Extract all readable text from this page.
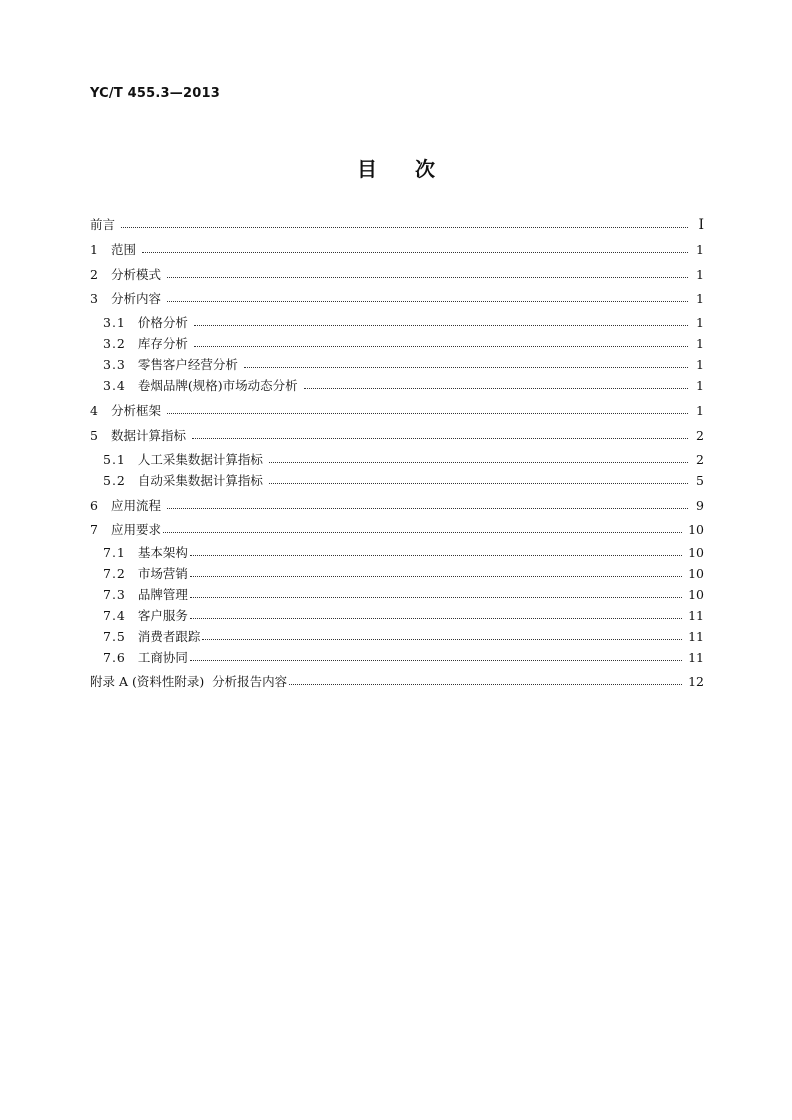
YC/T 455.3—2013
目次
前言	Ⅰ
1 范围	1
2 分析模式	1
3 分析内容	1
3.1 价格分析	1
3.2 库存分析	1
3.3 零售客户经营分析	1
3.4 卷烟品牌(规格)市场动态分析	1
4 分析框架	1
5 数据计算指标	2
5.1 人工采集数据计算指标	2
5.2 自动采集数据计算指标	5
6 应用流程	9
7 应用要求	10
7.1 基本架构	10
7.2 市场营销	10
7.3 品牌管理	10
7.4 客户服务	11
7.5 消费者跟踪	11
7.6 工商协同	11
附录 A (资料性附录)  分析报告内容	12
